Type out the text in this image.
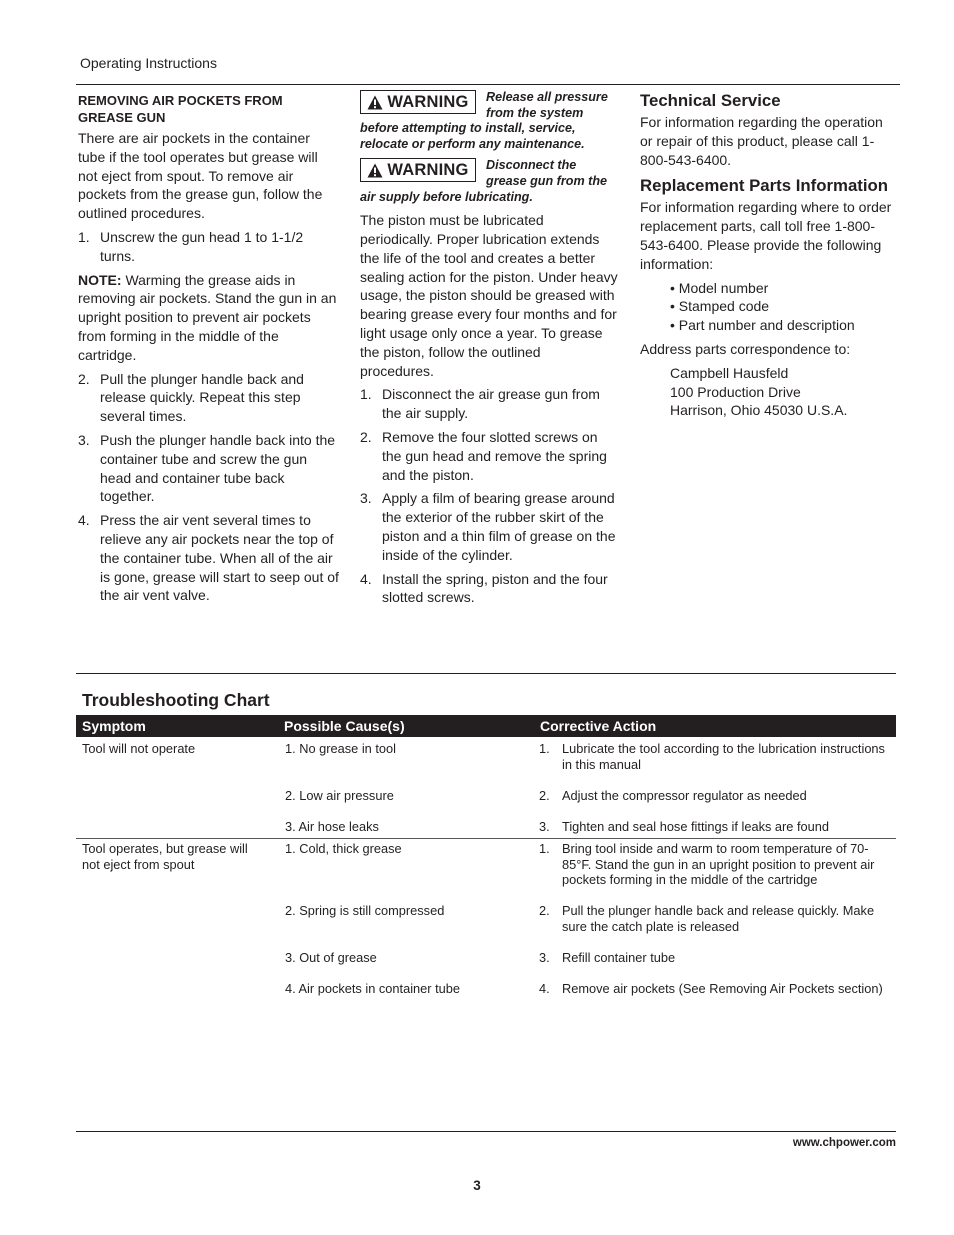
Operating Instructions
REMOVING AIR POCKETS FROM GREASE GUN

There are air pockets in the container tube if the tool operates but grease will not eject from spout. To remove air pockets from the grease gun, follow the outlined procedures.

1. Unscrew the gun head 1 to 1-1/2 turns.

NOTE: Warming the grease aids in removing air pockets. Stand the gun in an upright position to prevent air pockets from forming in the middle of the cartridge.

2. Pull the plunger handle back and release quickly. Repeat this step several times.
3. Push the plunger handle back into the container tube and screw the gun head and container tube back together.
4. Press the air vent several times to relieve any air pockets near the top of the container tube. When all of the air is gone, grease will start to seep out of the air vent valve.
WARNING	Release all pressure from the system before attempting to install, service, relocate or perform any maintenance.
WARNING	Disconnect the grease gun from the air supply before lubricating.

The piston must be lubricated periodically. Proper lubrication extends the life of the tool and creates a better sealing action for the piston. Under heavy usage, the piston should be greased with bearing grease every four months and for light usage only once a year. To grease the piston, follow the outlined procedures.

1. Disconnect the air grease gun from the air supply.
2. Remove the four slotted screws on the gun head and remove the spring and the piston.
3. Apply a film of bearing grease around the exterior of the rubber skirt of the piston and a thin film of grease on the inside of the cylinder.
4. Install the spring, piston and the four slotted screws.
Technical Service

For information regarding the operation or repair of this product, please call 1-800-543-6400.

Replacement Parts Information

For information regarding where to order replacement parts, call toll free 1-800-543-6400. Please provide the following information:

• Model number
• Stamped code
• Part number and description

Address parts correspondence to:

Campbell Hausfeld
100 Production Drive
Harrison, Ohio 45030 U.S.A.
Troubleshooting Chart
Symptom	Possible Cause(s)	Corrective Action
Tool will not operate	1. No grease in tool	1. Lubricate the tool according to the lubrication instructions in this manual
2. Low air pressure	2. Adjust the compressor regulator as needed
3. Air hose leaks	3. Tighten and seal hose fittings if leaks are found
Tool operates, but grease will not eject from spout
1. Cold, thick grease	1. Bring tool inside and warm to room temperature of 70-85°F. Stand the gun in an upright position to prevent air pockets forming in the middle of the cartridge
2. Spring is still compressed	2. Pull the plunger handle back and release quickly. Make sure the catch plate is released
3. Out of grease	3. Refill container tube
4. Air pockets in container tube	4. Remove air pockets (See Removing Air Pockets section)
www.chpower.com
3
